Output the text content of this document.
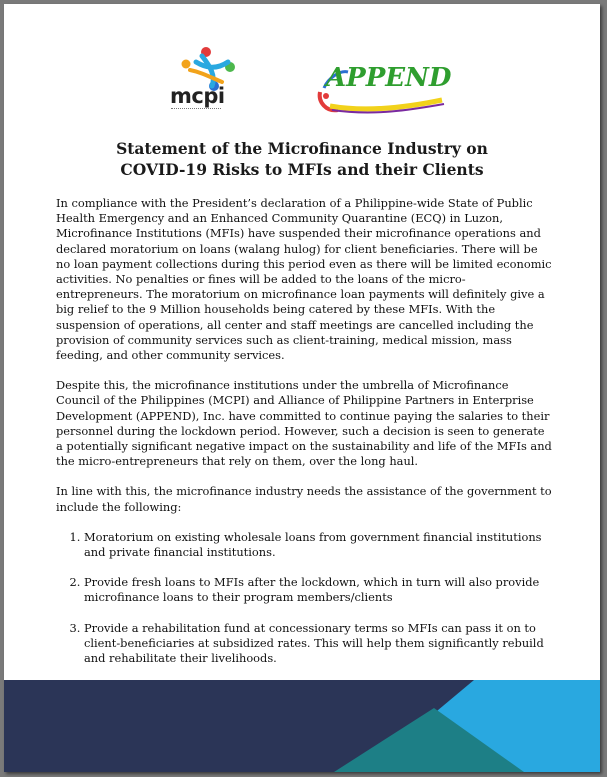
mcpi
APPEND
Statement of the Microfinance Industry on
COVID-19 Risks to MFIs and their Clients

In compliance with the President’s declaration of a Philippine-wide State of Public Health Emergency and an Enhanced Community Quarantine (ECQ) in Luzon, Microfinance Institutions (MFIs) have suspended their microfinance operations and declared moratorium on loans (walang hulog) for client beneficiaries. There will be no loan payment collections during this period even as there will be limited economic activities. No penalties or fines will be added to the loans of the micro-entrepreneurs. The moratorium on microfinance loan payments will definitely give a big relief to the 9 Million households being catered by these MFIs. With the suspension of operations, all center and staff meetings are cancelled including the provision of community services such as client-training, medical mission, mass feeding, and other community services.

Despite this, the microfinance institutions under the umbrella of Microfinance Council of the Philippines (MCPI) and Alliance of Philippine Partners in Enterprise Development (APPEND), Inc. have committed to continue paying the salaries to their personnel during the lockdown period. However, such a decision is seen to generate a potentially significant negative impact on the sustainability and life of the MFIs and the micro-entrepreneurs that rely on them, over the long haul.

In line with this, the microfinance industry needs the assistance of the government to include the following:

1. Moratorium on existing wholesale loans from government financial institutions and private financial institutions.
2. Provide fresh loans to MFIs after the lockdown, which in turn will also provide microfinance loans to their program members/clients
3. Provide a rehabilitation fund at concessionary terms so MFIs can pass it on to client-beneficiaries at subsidized rates. This will help them significantly rebuild and rehabilitate their livelihoods.
